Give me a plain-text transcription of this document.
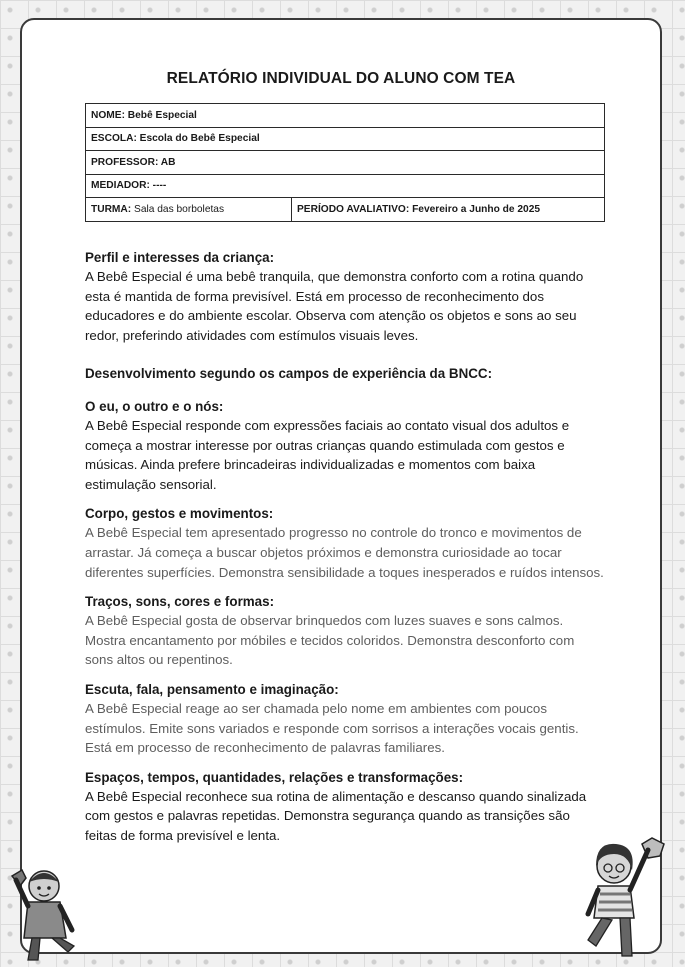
RELATÓRIO INDIVIDUAL DO ALUNO COM TEA
NOME: Bebê Especial
ESCOLA: Escola do Bebê Especial
PROFESSOR: AB
MEDIADOR: ----
TURMA: Sala das borboletas	PERÍODO AVALIATIVO: Fevereiro a Junho de 2025
Perfil e interesses da criança:

A Bebê Especial é uma bebê tranquila, que demonstra conforto com a rotina quando esta é mantida de forma previsível. Está em processo de reconhecimento dos educadores e do ambiente escolar. Observa com atenção os objetos e sons ao seu redor, preferindo atividades com estímulos visuais leves.

Desenvolvimento segundo os campos de experiência da BNCC:
O eu, o outro e o nós:

A Bebê Especial responde com expressões faciais ao contato visual dos adultos e começa a mostrar interesse por outras crianças quando estimulada com gestos e músicas. Ainda prefere brincadeiras individualizadas e momentos com baixa estimulação sensorial.

Corpo, gestos e movimentos:

A Bebê Especial tem apresentado progresso no controle do tronco e movimentos de arrastar. Já começa a buscar objetos próximos e demonstra curiosidade ao tocar diferentes superfícies. Demonstra sensibilidade a toques inesperados e ruídos intensos.

Traços, sons, cores e formas:

A Bebê Especial gosta de observar brinquedos com luzes suaves e sons calmos. Mostra encantamento por móbiles e tecidos coloridos. Demonstra desconforto com sons altos ou repentinos.

Escuta, fala, pensamento e imaginação:

A Bebê Especial reage ao ser chamada pelo nome em ambientes com poucos estímulos. Emite sons variados e responde com sorrisos a interações vocais gentis. Está em processo de reconhecimento de palavras familiares.

Espaços, tempos, quantidades, relações e transformações:

A Bebê Especial reconhece sua rotina de alimentação e descanso quando sinalizada com gestos e palavras repetidas. Demonstra segurança quando as transições são feitas de forma previsível e lenta.
